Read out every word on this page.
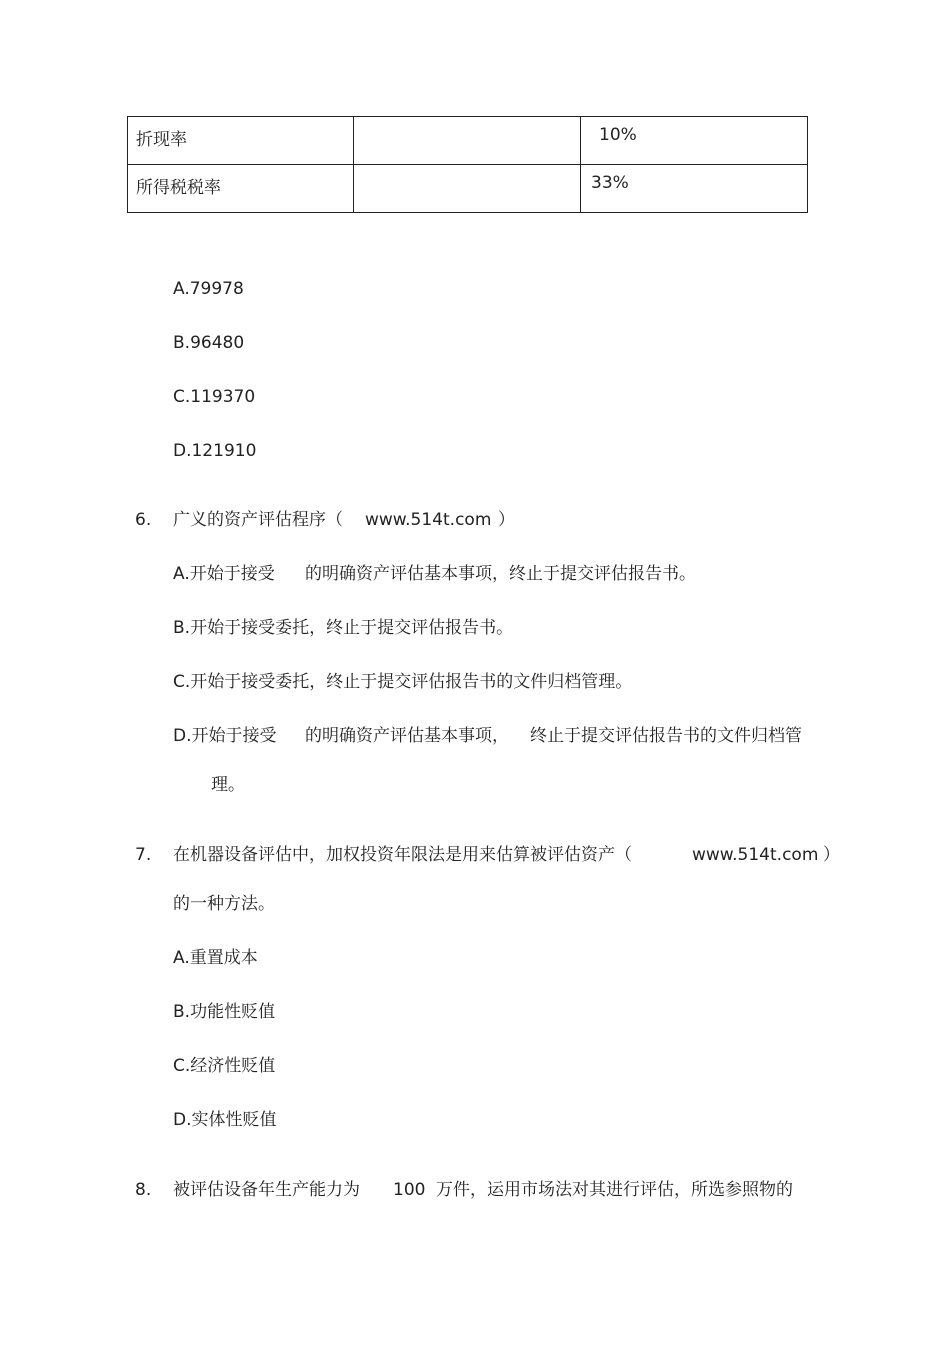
折现率		10%
所得税税率		33%
A.79978
B.96480
C.119370
D.121910
6. 广义的资产评估程序（ www.514t.com ）
A.开始于接受 的明确资产评估基本事项，终止于提交评估报告书。
B.开始于接受委托，终止于提交评估报告书。
C.开始于接受委托，终止于提交评估报告书的文件归档管理。
D.开始于接受 的明确资产评估基本事项， 终止于提交评估报告书的文件归档管
理。
7. 在机器设备评估中，加权投资年限法是用来估算被评估资产（	www.514t.com ）
的一种方法。
A.重置成本
B.功能性贬值
C.经济性贬值
D.实体性贬值
8. 被评估设备年生产能力为 100 万件，运用市场法对其进行评估，所选参照物的
